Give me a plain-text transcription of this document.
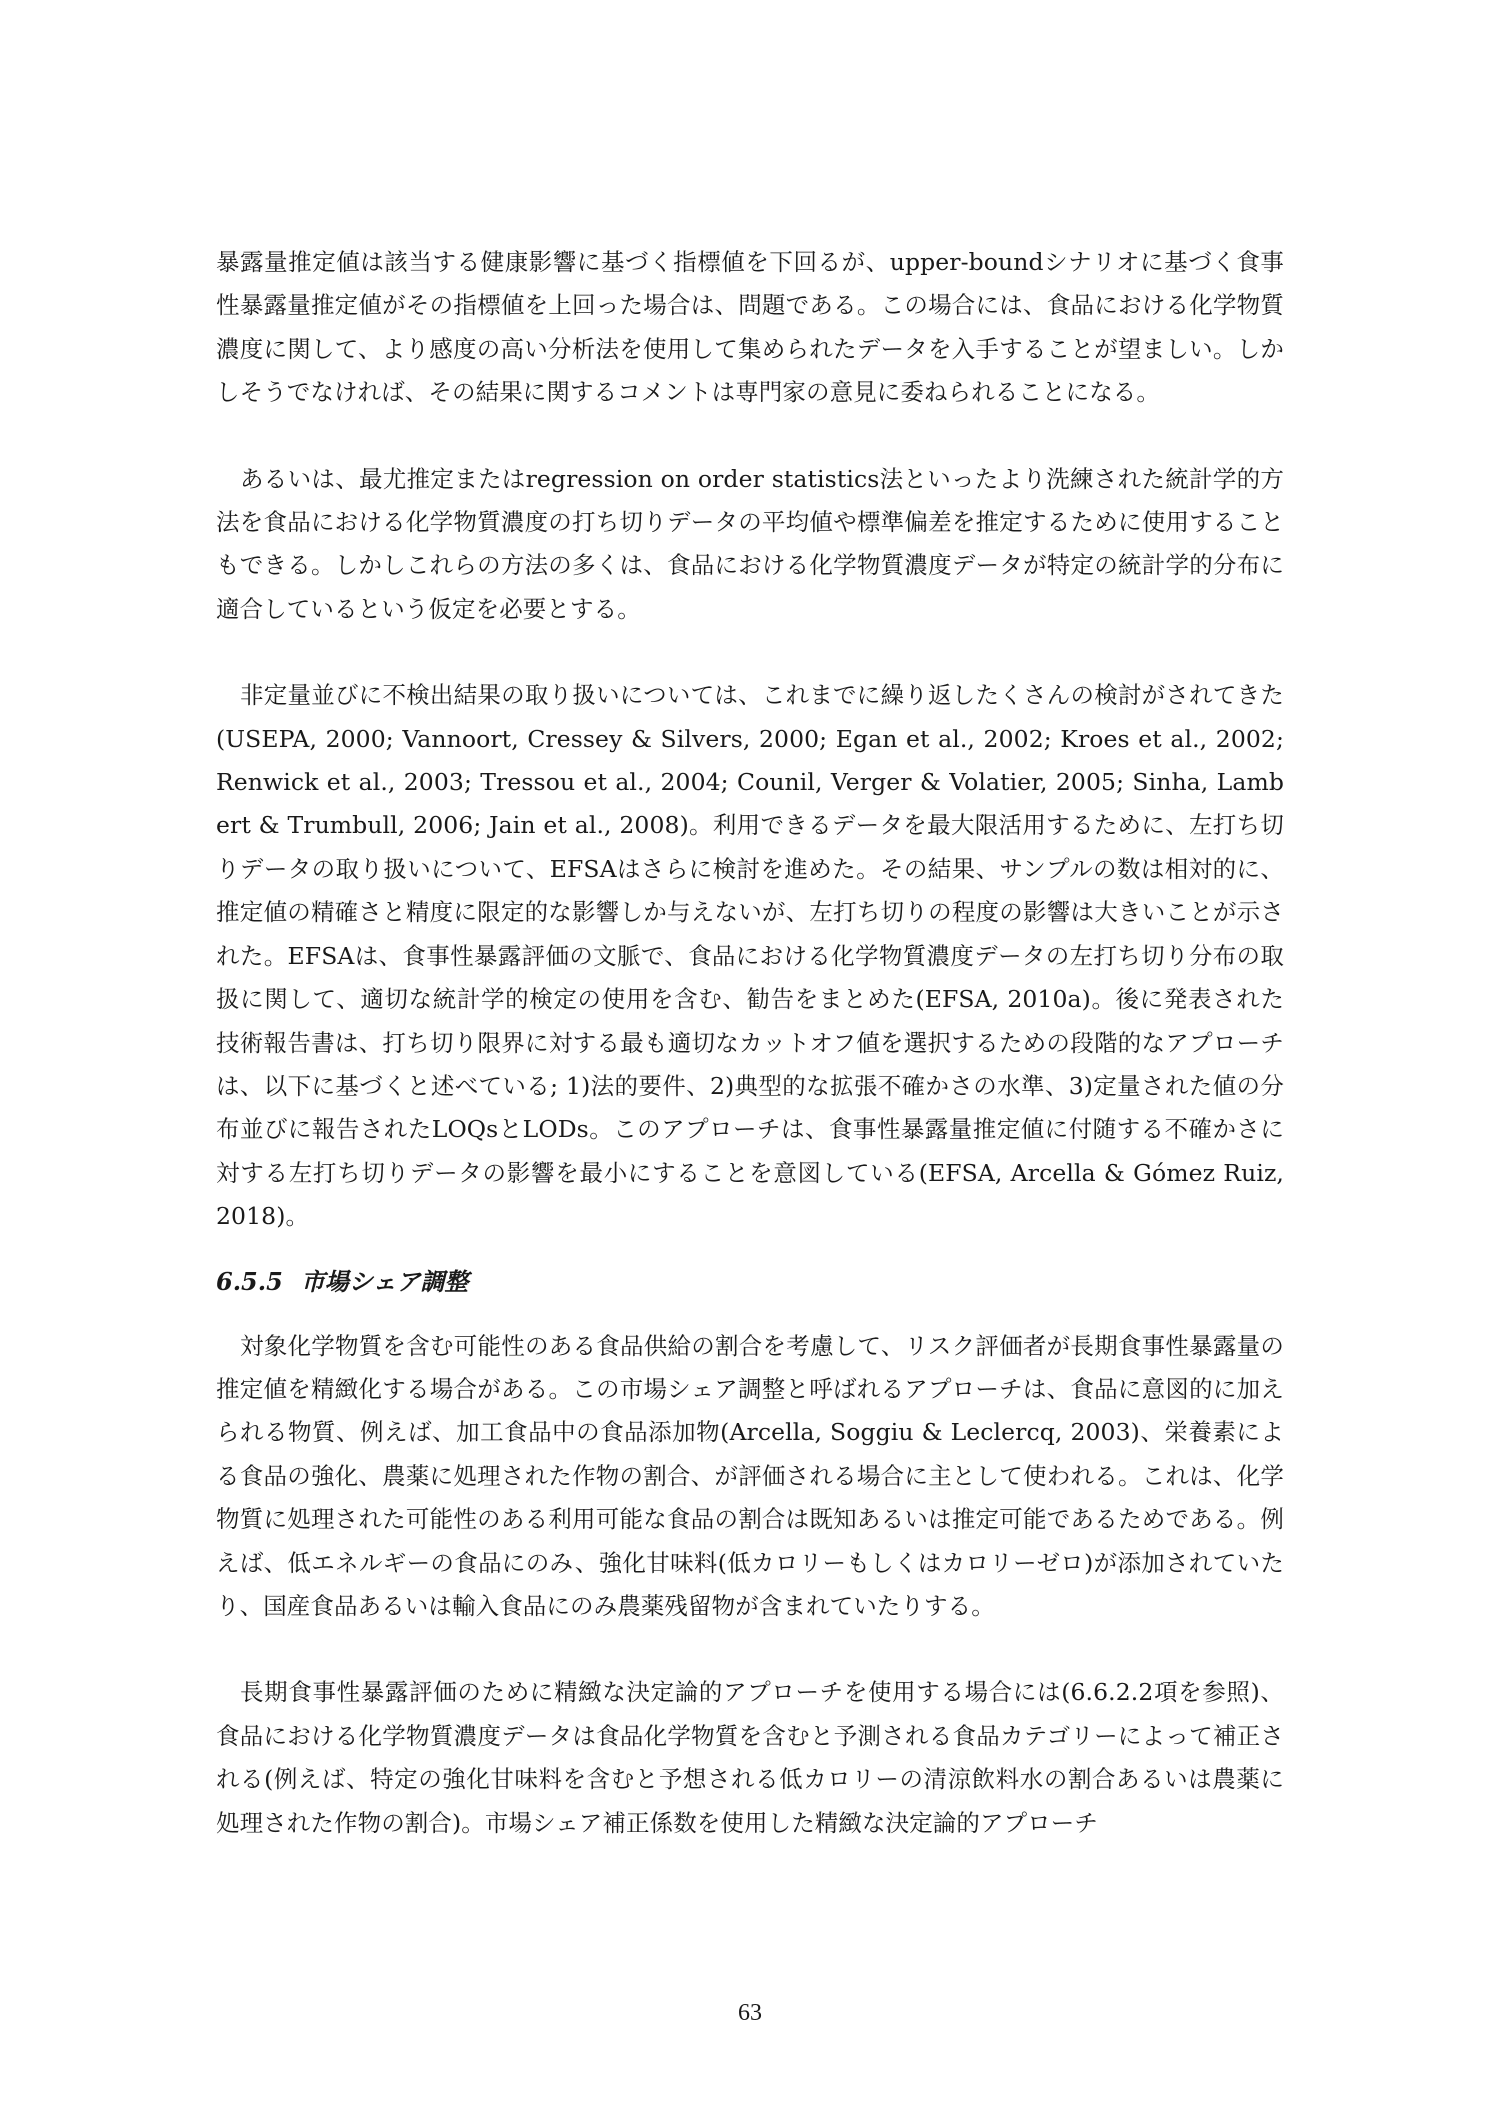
暴露量推定値は該当する健康影響に基づく指標値を下回るが、upper-boundシナリオに基づく食事性暴露量推定値がその指標値を上回った場合は、問題である。この場合には、食品における化学物質濃度に関して、より感度の高い分析法を使用して集められたデータを入手することが望ましい。しかしそうでなければ、その結果に関するコメントは専門家の意見に委ねられることになる。

あるいは、最尤推定またはregression on order statistics法といったより洗練された統計学的方法を食品における化学物質濃度の打ち切りデータの平均値や標準偏差を推定するために使用することもできる。しかしこれらの方法の多くは、食品における化学物質濃度データが特定の統計学的分布に適合しているという仮定を必要とする。

非定量並びに不検出結果の取り扱いについては、これまでに繰り返したくさんの検討がされてきた(USEPA, 2000; Vannoort, Cressey & Silvers, 2000; Egan et al., 2002; Kroes et al., 2002; Renwick et al., 2003; Tressou et al., 2004; Counil, Verger & Volatier, 2005; Sinha, Lambert & Trumbull, 2006; Jain et al., 2008)。利用できるデータを最大限活用するために、左打ち切りデータの取り扱いについて、EFSAはさらに検討を進めた。その結果、サンプルの数は相対的に、推定値の精確さと精度に限定的な影響しか与えないが、左打ち切りの程度の影響は大きいことが示された。EFSAは、食事性暴露評価の文脈で、食品における化学物質濃度データの左打ち切り分布の取扱に関して、適切な統計学的検定の使用を含む、勧告をまとめた(EFSA, 2010a)。後に発表された技術報告書は、打ち切り限界に対する最も適切なカットオフ値を選択するための段階的なアプローチは、以下に基づくと述べている; 1)法的要件、2)典型的な拡張不確かさの水準、3)定量された値の分布並びに報告されたLOQsとLODs。このアプローチは、食事性暴露量推定値に付随する不確かさに対する左打ち切りデータの影響を最小にすることを意図している(EFSA, Arcella & Gómez Ruiz, 2018)。

6.5.5 市場シェア調整

対象化学物質を含む可能性のある食品供給の割合を考慮して、リスク評価者が長期食事性暴露量の推定値を精緻化する場合がある。この市場シェア調整と呼ばれるアプローチは、食品に意図的に加えられる物質、例えば、加工食品中の食品添加物(Arcella, Soggiu & Leclercq, 2003)、栄養素による食品の強化、農薬に処理された作物の割合、が評価される場合に主として使われる。これは、化学物質に処理された可能性のある利用可能な食品の割合は既知あるいは推定可能であるためである。例えば、低エネルギーの食品にのみ、強化甘味料(低カロリーもしくはカロリーゼロ)が添加されていたり、国産食品あるいは輸入食品にのみ農薬残留物が含まれていたりする。

長期食事性暴露評価のために精緻な決定論的アプローチを使用する場合には(6.6.2.2項を参照)、食品における化学物質濃度データは食品化学物質を含むと予測される食品カテゴリーによって補正される(例えば、特定の強化甘味料を含むと予想される低カロリーの清涼飲料水の割合あるいは農薬に処理された作物の割合)。市場シェア補正係数を使用した精緻な決定論的アプローチ

63
